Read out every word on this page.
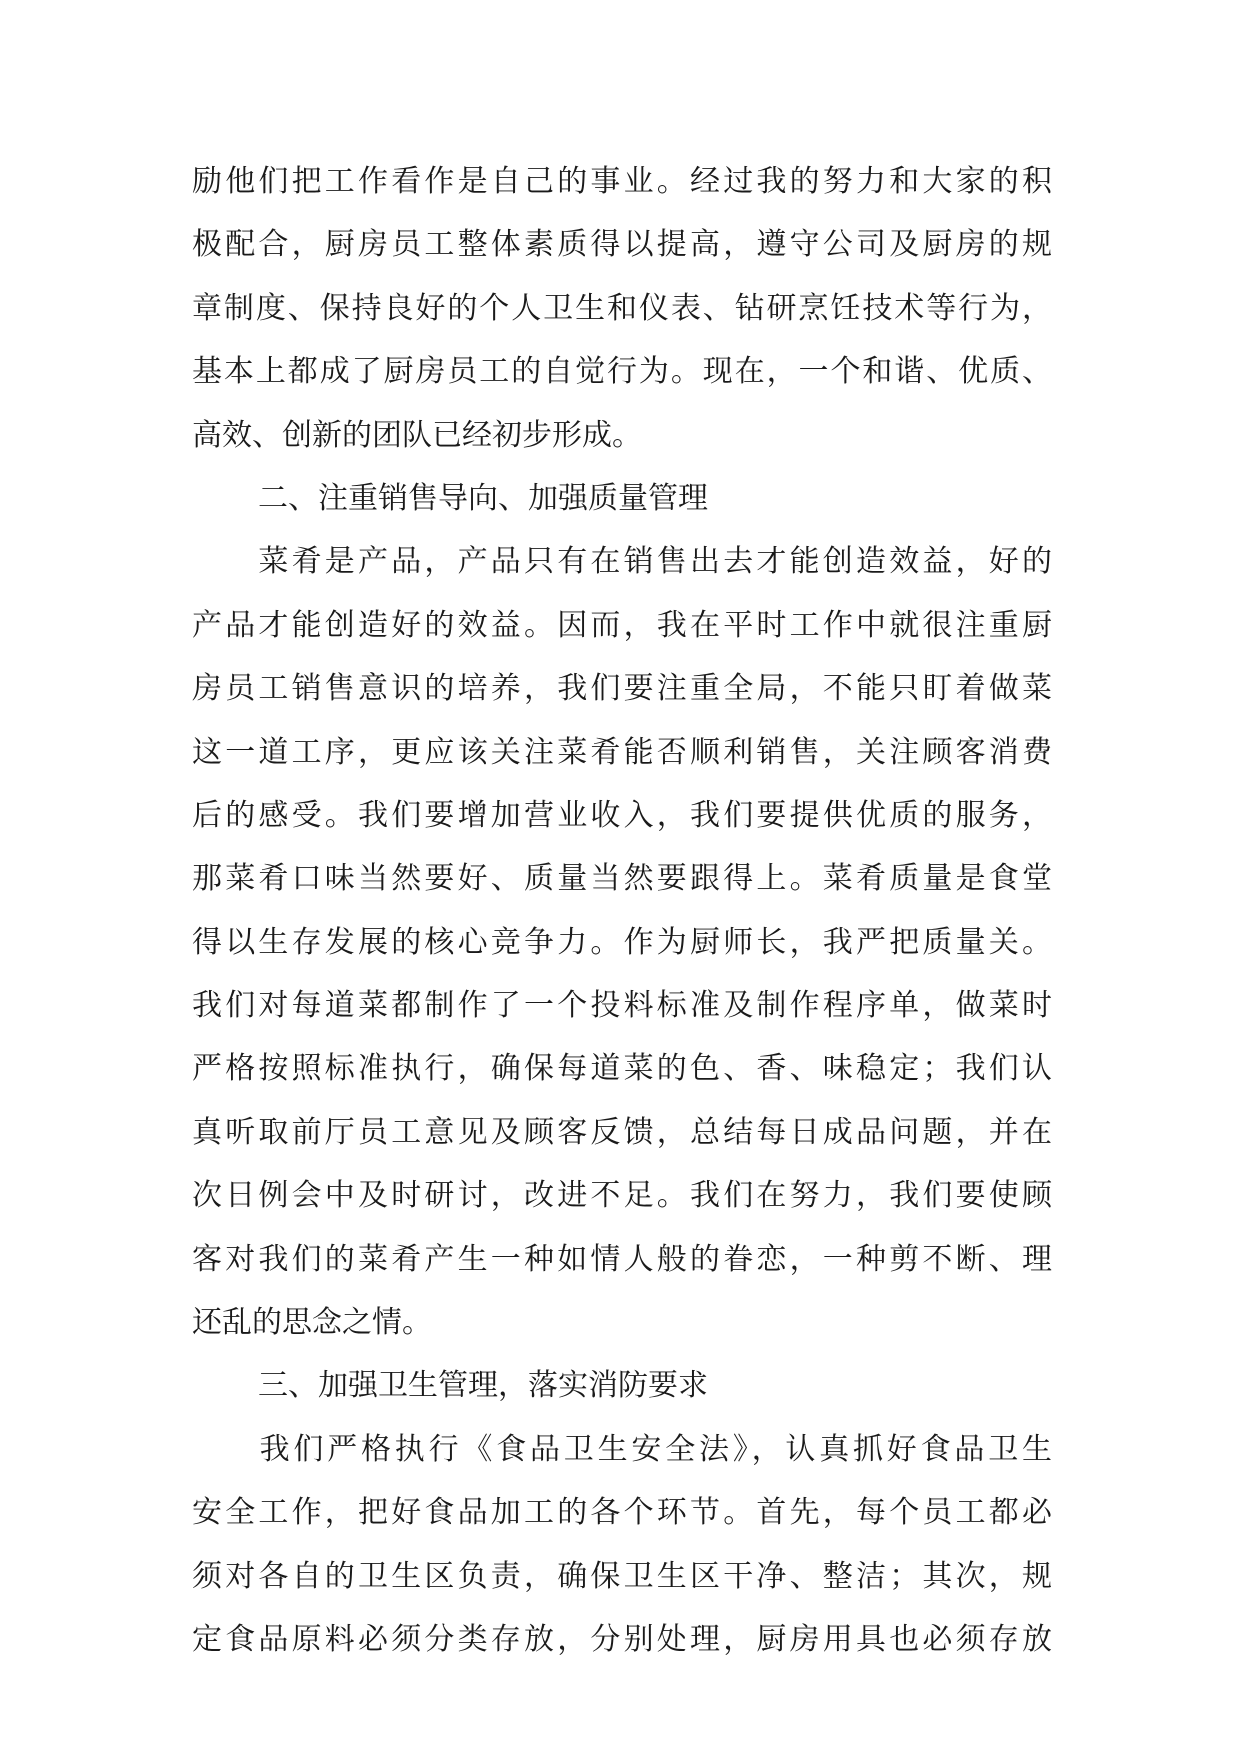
励他们把工作看作是自己的事业。经过我的努力和大家的积
极配合，厨房员工整体素质得以提高，遵守公司及厨房的规
章制度、保持良好的个人卫生和仪表、钻研烹饪技术等行为，
基本上都成了厨房员工的自觉行为。现在，一个和谐、优质、
高效、创新的团队已经初步形成。
二、注重销售导向、加强质量管理
　　菜肴是产品，产品只有在销售出去才能创造效益，好的
产品才能创造好的效益。因而，我在平时工作中就很注重厨
房员工销售意识的培养，我们要注重全局，不能只盯着做菜
这一道工序，更应该关注菜肴能否顺利销售，关注顾客消费
后的感受。我们要增加营业收入，我们要提供优质的服务，
那菜肴口味当然要好、质量当然要跟得上。菜肴质量是食堂
得以生存发展的核心竞争力。作为厨师长，我严把质量关。
我们对每道菜都制作了一个投料标准及制作程序单，做菜时
严格按照标准执行，确保每道菜的色、香、味稳定；我们认
真听取前厅员工意见及顾客反馈，总结每日成品问题，并在
次日例会中及时研讨，改进不足。我们在努力，我们要使顾
客对我们的菜肴产生一种如情人般的眷恋，一种剪不断、理
还乱的思念之情。
三、加强卫生管理，落实消防要求
　　我们严格执行《食品卫生安全法》，认真抓好食品卫生
安全工作，把好食品加工的各个环节。首先，每个员工都必
须对各自的卫生区负责，确保卫生区干净、整洁；其次，规
定食品原料必须分类存放，分别处理，厨房用具也必须存放
